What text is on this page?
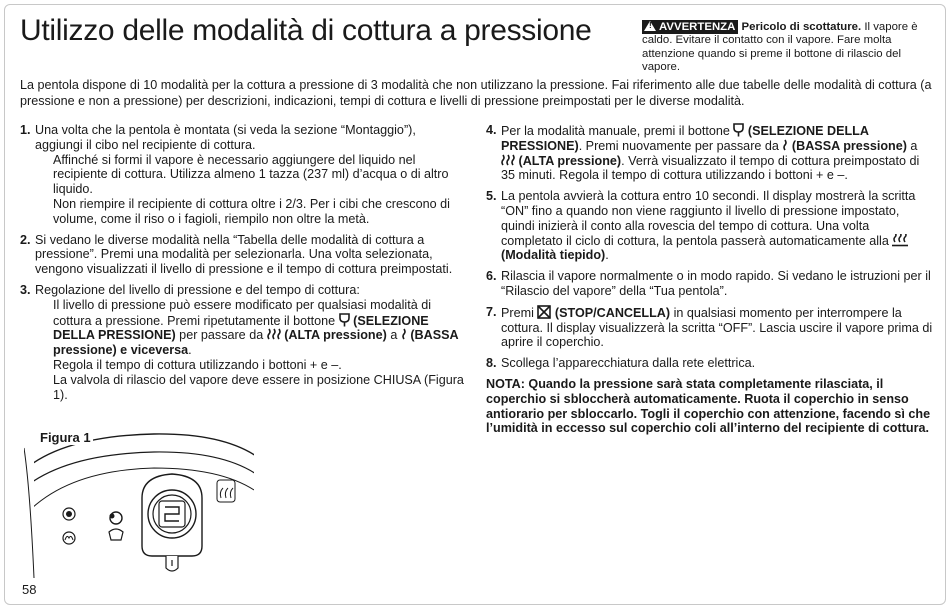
Utilizzo delle modalità di cottura a pressione	! AVVERTENZA Pericolo di scottature. Il vapore è caldo. Evitare il contatto con il vapore. Fare molta attenzione quando si preme il bottone di rilascio del vapore.

La pentola dispone di 10 modalità per la cottura a pressione di 3 modalità che non utilizzano la pressione. Fai riferimento alle due tabelle delle modalità di cottura (a pressione e non a pressione) per descrizioni, indicazioni, tempi di cottura e livelli di pressione preimpostati per le diverse modalità.

1. Una volta che la pentola è montata (si veda la sezione “Montaggio”), aggiungi il cibo nel recipiente di cottura.
Affinché si formi il vapore è necessario aggiungere del liquido nel recipiente di cottura. Utilizza almeno 1 tazza (237 ml) d’acqua o di altro liquido.
Non riempire il recipiente di cottura oltre i 2/3. Per i cibi che crescono di volume, come il riso o i fagioli, riempilo non oltre la metà.
2. Si vedano le diverse modalità nella “Tabella delle modalità di cottura a pressione”. Premi una modalità per selezionarla. Una volta selezionata, vengono visualizzati il livello di pressione e il tempo di cottura preimpostati.
3. Regolazione del livello di pressione e del tempo di cottura:
Il livello di pressione può essere modificato per qualsiasi modalità di cottura a pressione. Premi ripetutamente il bottone  (SELEZIONE DELLA PRESSIONE) per passare da  (ALTA pressione) a  (BASSA pressione) e viceversa.
Regola il tempo di cottura utilizzando i bottoni + e –.
La valvola di rilascio del vapore deve essere in posizione CHIUSA (Figura 1).
Figura 1
4. Per la modalità manuale, premi il bottone  (SELEZIONE DELLA PRESSIONE). Premi nuovamente per passare da  (BASSA pressione) a  (ALTA pressione). Verrà visualizzato il tempo di cottura preimpostato di 35 minuti. Regola il tempo di cottura utilizzando i bottoni + e –.
5. La pentola avvierà la cottura entro 10 secondi. Il display mostrerà la scritta “ON” fino a quando non viene raggiunto il livello di pressione impostato, quindi inizierà il conto alla rovescia del tempo di cottura. Una volta completato il ciclo di cottura, la pentola passerà automaticamente alla  (Modalità tiepido).
6. Rilascia il vapore normalmente o in modo rapido. Si vedano le istruzioni per il “Rilascio del vapore” della “Tua pentola”.
7. Premi  (STOP/CANCELLA) in qualsiasi momento per interrompere la cottura. Il display visualizzerà la scritta “OFF”. Lascia uscire il vapore prima di aprire il coperchio.
8. Scollega l’apparecchiatura dalla rete elettrica.

NOTA: Quando la pressione sarà stata completamente rilasciata, il coperchio si sbloccherà automaticamente. Ruota il coperchio in senso antiorario per sbloccarlo. Togli il coperchio con attenzione, facendo sì che l’umidità in eccesso sul coperchio coli all’interno del recipiente di cottura.

58
